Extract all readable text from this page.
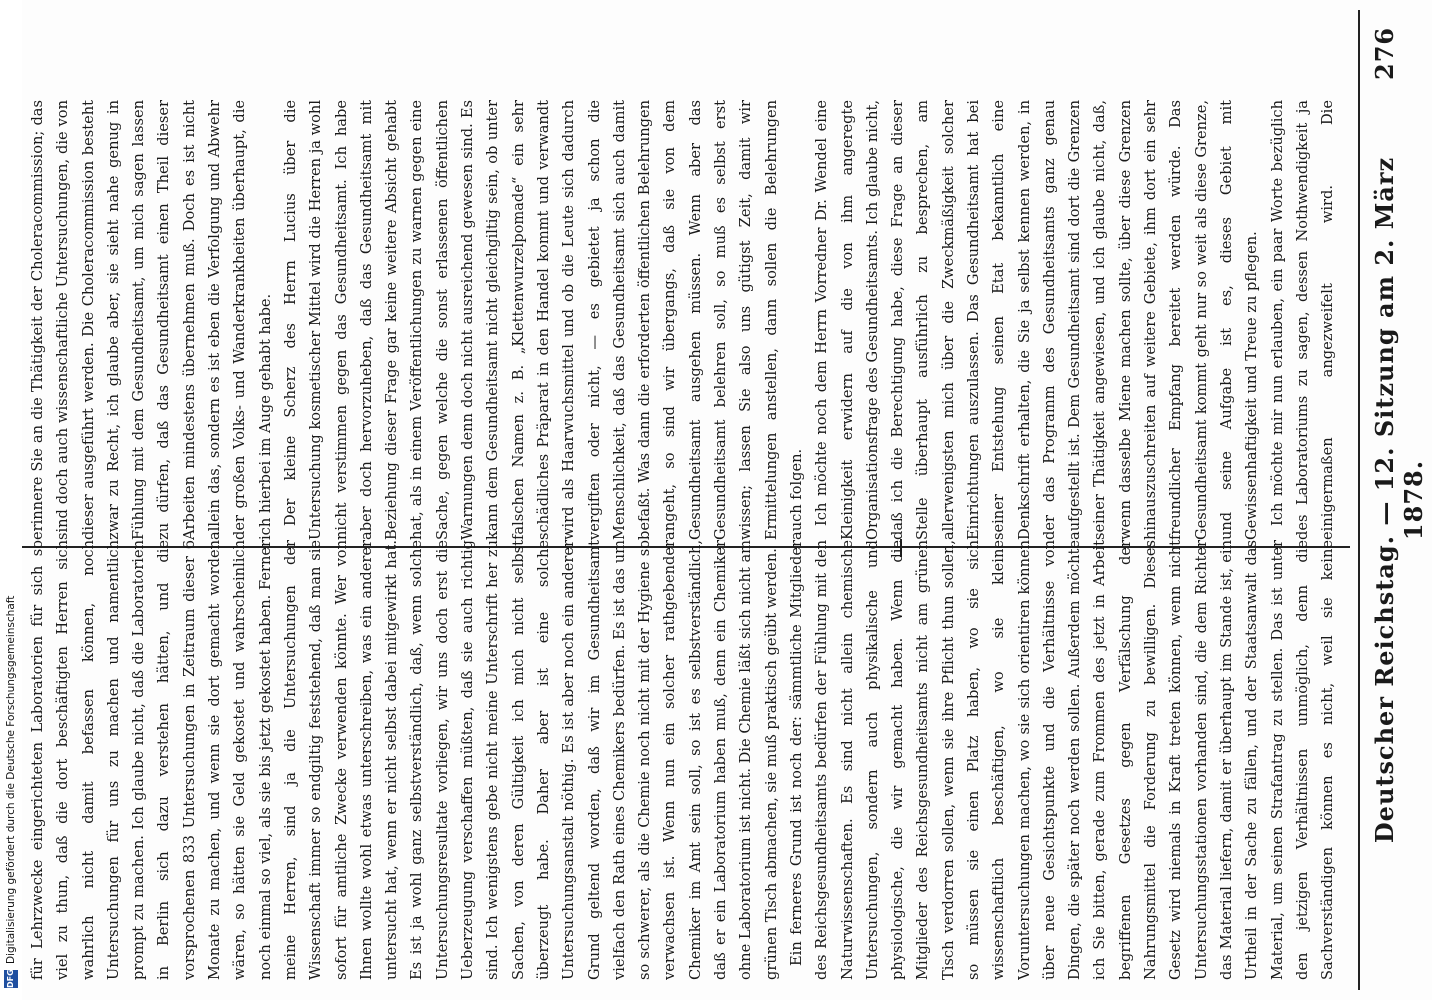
276
Deutscher Reichstag. — 12. Sitzung am 2. März 1878.

erinnere Sie an die Thätigkeit der Choleracommission; das sind doch auch wissenschaftliche Untersuchungen, die von dieser ausgeführt werden. Die Choleracommission besteht zwar zu Recht, ich glaube aber, sie sieht nahe genug in Fühlung mit dem Gesundheitsamt, um mich sagen lassen zu dürfen, daß das Gesundheitsamt einen Theil dieser Arbeiten mindestens übernehmen muß. Doch es ist nicht allein das, sondern es ist eben die Verfolgung und Abwehr der großen Volks- und Wanderkrankheiten überhaupt, die ich hierbei im Auge gehabt habe. Der kleine Scherz des Herrn Lucius über die Untersuchung kosmetischer Mittel wird die Herren ja wohl nicht verstimmen gegen das Gesundheitsamt. Ich habe aber doch hervorzuheben, daß das Gesundheitsamt mit Beziehung dieser Frage gar keine weitere Absicht gehabt hat, als in einem Veröffentlichungen zu warnen gegen eine Sache, gegen welche die sonst erlassenen öffentlichen Warnungen denn doch nicht ausreichend gewesen sind. Es kann dem Gesundheitsamt nicht gleichgiltig sein, ob unter falschen Namen z. B. „Klettenwurzelpomade“ ein sehr schädliches Präparat in den Handel kommt und verwandt wird als Haarwuchsmittel und ob die Leute sich dadurch vergiften oder nicht, — es gebietet ja schon die Menschlichkeit, daß das Gesundheitsamt sich auch damit befaßt. Was dann die erforderten öffentlichen Belehrungen angeht, so sind wir übergangs, daß sie von dem Gesundheitsamt ausgehen müssen. Wenn aber das Gesundheitsamt belehren soll, so muß es selbst erst wissen; lassen Sie also uns gütigst Zeit, damit wir Ermittelungen anstellen, dann sollen die Belehrungen auch folgen. Ich möchte noch dem Herrn Vorredner Dr. Wendel eine Kleinigkeit erwidern auf die von ihm angeregte Organisationsfrage des Gesundheitsamts. Ich glaube nicht, daß ich die Berechtigung habe, diese Frage an dieser Stelle überhaupt ausführlich zu besprechen, am allerwenigsten mich über die Zweckmäßigkeit solcher Einrichtungen auszulassen. Das Gesundheitsamt hat bei seiner Entstehung seinen Etat bekanntlich eine Denkschrift erhalten, die Sie ja selbst kennen werden, in der das Programm des Gesundheitsamts ganz genau aufgestellt ist. Dem Gesundheitsamt sind dort die Grenzen seiner Thätigkeit angewiesen, und ich glaube nicht, daß, wenn dasselbe Miene machen sollte, über diese Grenzen hinauszuschreiten auf weitere Gebiete, ihm dort ein sehr freundlicher Empfang bereitet werden würde. Das Gesundheitsamt kommt geht nur so weit als diese Grenze, und seine Aufgabe ist es, dieses Gebiet mit Gewissenhaftigkeit und Treue zu pflegen. Ich möchte mir nun erlauben, ein paar Worte bezüglich des Laboratoriums zu sagen, dessen Nothwendigkeit ja einigermaßen angezweifelt wird. Die

für Lehrzwecke eingerichteten Laboratorien für sich so viel zu thun, daß die dort beschäftigten Herren sich wahrlich nicht damit befassen können, noch Untersuchungen für uns zu machen und namentlich prompt zu machen. Ich glaube nicht, daß die Laboratorien in Berlin sich dazu verstehen hätten, und die vorsprochenen 833 Untersuchungen in Zeitraum dieser 6 Monate zu machen, und wenn sie dort gemacht worden wären, so hätten sie Geld gekostet und wahrscheinlich noch einmal so viel, als sie bis jetzt gekostet haben. Ferner meine Herren, sind ja die Untersuchungen der Wissenschaft immer so endgiltig feststehend, daß man sie sofort für amtliche Zwecke verwenden könnte. Wer von Ihnen wollte wohl etwas unterschreiben, was ein anderer untersucht hat, wenn er nicht selbst dabei mitgewirkt hat. Es ist ja wohl ganz selbstverständlich, daß, wenn solche Untersuchungsresultate vorliegen, wir uns doch erst die Ueberzeugung verschaffen müßten, daß sie auch richtig sind. Ich wenigstens gebe nicht meine Unterschrift her zu Sachen, von deren Gültigkeit ich mich nicht selbst überzeugt habe. Daher aber ist eine solche Untersuchungsanstalt nöthig. Es ist aber noch ein anderer Grund geltend worden, daß wir im Gesundheitsamt vielfach den Rath eines Chemikers bedürfen. Es ist das um so schwerer, als die Chemie noch nicht mit der Hygiene so verwachsen ist. Wenn nun ein solcher rathgebender Chemiker im Amt sein soll, so ist es selbstverständlich, daß er ein Laboratorium haben muß, denn ein Chemiker ohne Laboratorium ist nicht. Die Chemie läßt sich nicht am grünen Tisch abmachen, sie muß praktisch geübt werden. Ein ferneres Grund ist noch der: sämmtliche Mitglieder des Reichsgesundheitsamts bedürfen der Fühlung mit den Naturwissenschaften. Es sind nicht allein chemische Untersuchungen, sondern auch physikalische und physiologische, die wir gemacht haben. Wenn die Mitglieder des Reichsgesundheitsamts nicht am grünen Tisch verdorren sollen, wenn sie ihre Pflicht thun sollen, so müssen sie einen Platz haben, wo sie sich wissenschaftlich beschäftigen, wo sie kleine Voruntersuchungen machen, wo sie sich orientiren können über neue Gesichtspunkte und die Verhältnisse von Dingen, die später noch werden sollen. Außerdem möchte ich Sie bitten, gerade zum Frommen des jetzt in Arbeit begriffenen Gesetzes gegen Verfälschung der Nahrungsmittel die Forderung zu bewilligen. Dieses Gesetz wird niemals in Kraft treten können, wenn nicht Untersuchungsstationen vorhanden sind, die dem Richter das Material liefern, damit er überhaupt im Stande ist, ein Urtheil in der Sache zu fällen, und der Staatsanwalt das Material, um seinen Strafantrag zu stellen. Das ist unter den jetzigen Verhältnissen unmöglich, denn die Sachverständigen können es nicht, weil sie keine

DFG
Digitalisierung gefördert durch die Deutsche Forschungsgemeinschaft
